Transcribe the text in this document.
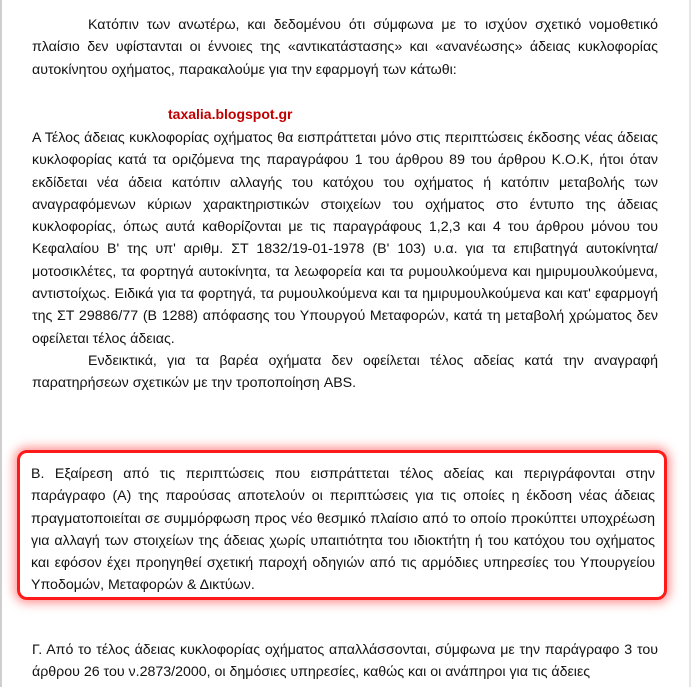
Κατόπιν των ανωτέρω, και δεδομένου ότι σύμφωνα με το ισχύον σχετικό νομοθετικό πλαίσιο δεν υφίστανται οι έννοιες της «αντικατάστασης» και «ανανέωσης» άδειας κυκλοφορίας αυτοκίνητου οχήματος, παρακαλούμε για την εφαρμογή των κάτωθι:

taxalia.blogspot.gr

Α Τέλος άδειας κυκλοφορίας οχήματος θα εισπράττεται μόνο στις περιπτώσεις έκδοσης νέας άδειας κυκλοφορίας κατά τα οριζόμενα της παραγράφου 1 του άρθρου 89 του άρθρου Κ.Ο.Κ, ήτοι όταν εκδίδεται νέα άδεια κατόπιν αλλαγής του κατόχου του οχήματος ή κατόπιν μεταβολής των αναγραφόμενων κύριων χαρακτηριστικών στοιχείων του οχήματος στο έντυπο της άδειας κυκλοφορίας, όπως αυτά καθορίζονται με τις παραγράφους 1,2,3 και 4 του άρθρου μόνου του Κεφαλαίου Β' της υπ' αριθμ. ΣΤ 1832/19-01-1978 (Β' 103) υ.α. για τα επιβατηγά αυτοκίνητα/μοτοσικλέτες, τα φορτηγά αυτοκίνητα, τα λεωφορεία και τα ρυμουλκούμενα και ημιρυμουλκούμενα, αντιστοίχως. Ειδικά για τα φορτηγά, τα ρυμουλκούμενα και τα ημιρυμουλκούμενα και κατ' εφαρμογή της ΣΤ 29886/77 (Β 1288) απόφασης του Υπουργού Μεταφορών, κατά τη μεταβολή χρώματος δεν οφείλεται τέλος άδειας.

Ενδεικτικά, για τα βαρέα οχήματα δεν οφείλεται τέλος αδείας κατά την αναγραφή παρατηρήσεων σχετικών με την τροποποίηση ABS.

Β. Εξαίρεση από τις περιπτώσεις που εισπράττεται τέλος αδείας και περιγράφονται στην παράγραφο (Α) της παρούσας αποτελούν οι περιπτώσεις για τις οποίες η έκδοση νέας άδειας πραγματοποιείται σε συμμόρφωση προς νέο θεσμικό πλαίσιο από το οποίο προκύπτει υποχρέωση για αλλαγή των στοιχείων της άδειας χωρίς υπαιτιότητα του ιδιοκτήτη ή του κατόχου του οχήματος και εφόσον έχει προηγηθεί σχετική παροχή οδηγιών από τις αρμόδιες υπηρεσίες του Υπουργείου Υποδομών, Μεταφορών & Δικτύων.

Γ. Από το τέλος άδειας κυκλοφορίας οχήματος απαλλάσσονται, σύμφωνα με την παράγραφο 3 του άρθρου 26 του ν.2873/2000, οι δημόσιες υπηρεσίες, καθώς και οι ανάπηροι για τις άδειες
